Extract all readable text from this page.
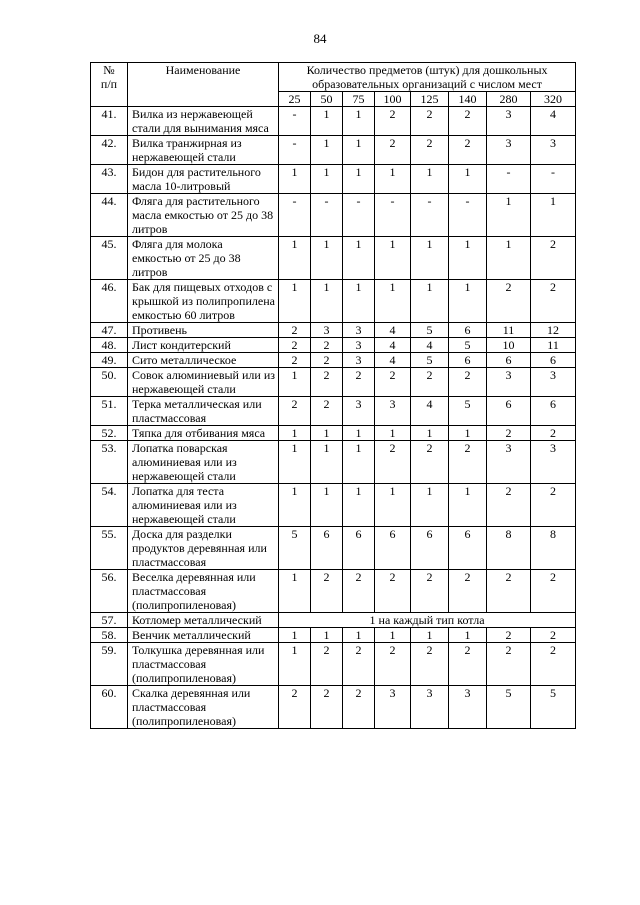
84
№
п/п	Наименование	Количество предметов (штук) для дошкольных
образовательных организаций с числом мест							
		25	50	75	100	125	140	280	320
41.	Вилка из нержавеющей стали для вынимания мяса	-	1	1	2	2	2	3	4
42.	Вилка транжирная из нержавеющей стали	-	1	1	2	2	2	3	3
43.	Бидон для растительного масла 10-литровый	1	1	1	1	1	1	-	-
44.	Фляга для растительного масла емкостью от 25 до 38 литров	-	-	-	-	-	-	1	1
45.	Фляга для молока емкостью от 25 до 38 литров	1	1	1	1	1	1	1	2
46.	Бак для пищевых отходов с крышкой из полипропилена емкостью 60 литров	1	1	1	1	1	1	2	2
47.	Противень	2	3	3	4	5	6	11	12
48.	Лист кондитерский	2	2	3	4	4	5	10	11
49.	Сито металлическое	2	2	3	4	5	6	6	6
50.	Совок алюминиевый или из нержавеющей стали	1	2	2	2	2	2	3	3
51.	Терка металлическая или пластмассовая	2	2	3	3	4	5	6	6
52.	Тяпка для отбивания мяса	1	1	1	1	1	1	2	2
53.	Лопатка поварская алюминиевая или из нержавеющей стали	1	1	1	2	2	2	3	3
54.	Лопатка для теста алюминиевая или из нержавеющей стали	1	1	1	1	1	1	2	2
55.	Доска для разделки продуктов деревянная или пластмассовая	5	6	6	6	6	6	8	8
56.	Веселка деревянная или пластмассовая (полипропиленовая)	1	2	2	2	2	2	2	2
57.	Котломер металлический	1 на каждый тип котла							
58.	Венчик металлический	1	1	1	1	1	1	2	2
59.	Толкушка деревянная или пластмассовая (полипропиленовая)	1	2	2	2	2	2	2	2
60.	Скалка деревянная или пластмассовая (полипропиленовая)	2	2	2	3	3	3	5	5
